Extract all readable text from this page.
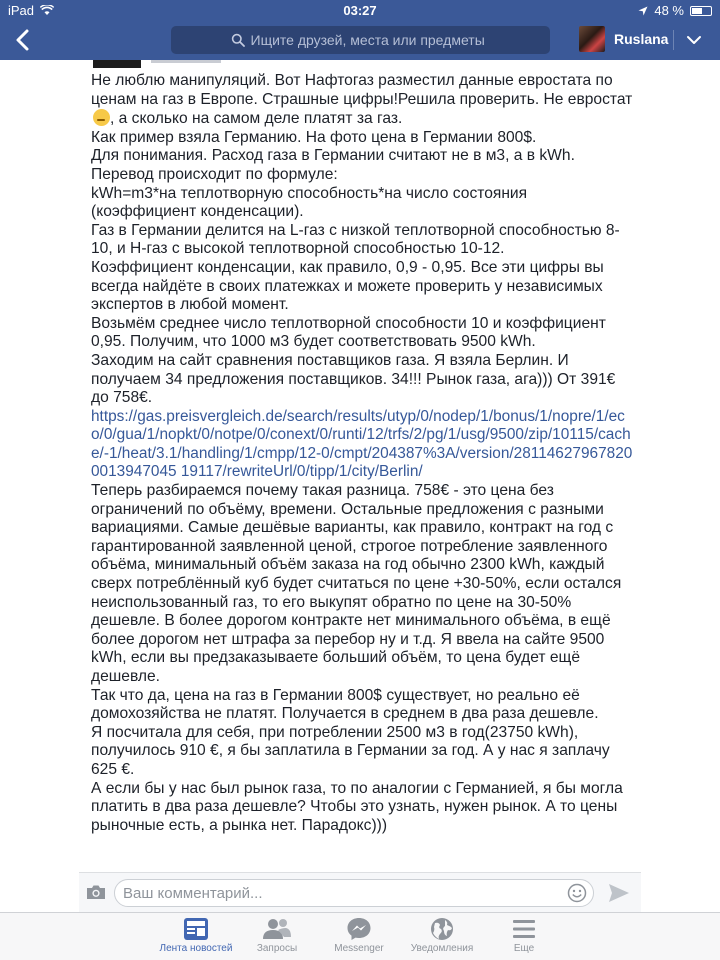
iPad	03:27	48 %
Ищите друзей, места или предметы
Ruslana
Не люблю манипуляций. Вот Нафтогаз разместил данные евростата по ценам на газ в Европе. Страшные цифры!Решила проверить. Не евростат , а сколько на самом деле платят за газ.
Как пример взяла Германию. На фото цена в Германии 800$.
Для понимания. Расход газа в Германии считают не в м3, а в kWh. Перевод происходит по формуле:
kWh=m3*на теплотворную способность*на число состояния (коэффициент конденсации).
Газ в Германии делится на L-газ с низкой теплотворной способностью 8-10, и H-газ с высокой теплотворной способностью 10-12.
Коэффициент конденсации, как правило, 0,9 - 0,95. Все эти цифры вы всегда найдёте в своих платежках и можете проверить у независимых экспертов в любой момент.
Возьмём среднее число теплотворной способности 10 и коэффициент 0,95. Получим, что 1000 м3 будет соответствовать 9500 kWh.
Заходим на сайт сравнения поставщиков газа. Я взяла Берлин. И получаем 34 предложения поставщиков. 34!!! Рынок газа, ага))) От 391€ до 758€.
https://gas.preisvergleich.de/search/results/utyp/0/nodep/1/bonus/1/nopre/1/eco/0/gua/1/nopkt/0/notpe/0/conext/0/runti/12/trfs/2/pg/1/usg/9500/zip/10115/cache/-1/heat/3.1/handling/1/cmpp/12-0/cmpt/204387%3A/version/281146279678200013947045 19117/rewriteUrl/0/tipp/1/city/Berlin/
Теперь разбираемся почему такая разница. 758€ - это цена без ограничений по объёму, времени. Остальные предложения с разными вариациями. Самые дешёвые варианты, как правило, контракт на год с гарантированной заявленной ценой, строгое потребление заявленного объёма, минимальный объём заказа на год обычно 2300 kWh, каждый сверх потреблённый куб будет считаться по цене +30-50%, если остался неиспользованный газ, то его выкупят обратно по цене на 30-50% дешевле. В более дорогом контракте нет минимального объёма, в ещё более дорогом нет штрафа за перебор ну и т.д. Я ввела на сайте 9500 kWh, если вы предзаказываете больший объём, то цена будет ещё дешевле.
Так что да, цена на газ в Германии 800$ существует, но реально её домохозяйства не платят. Получается в среднем в два раза дешевле.
Я посчитала для себя, при потреблении 2500 м3 в год(23750 kWh), получилось 910 €, я бы заплатила в Германии за год. А у нас я заплачу 625 €.
А если бы у нас был рынок газа, то по аналогии с Германией, я бы могла платить в два раза дешевле? Чтобы это узнать, нужен рынок. А то цены рыночные есть, а рынка нет. Парадокс)))
Ваш комментарий...
Лента новостей	Запросы	Messenger	Уведомления	Еще
